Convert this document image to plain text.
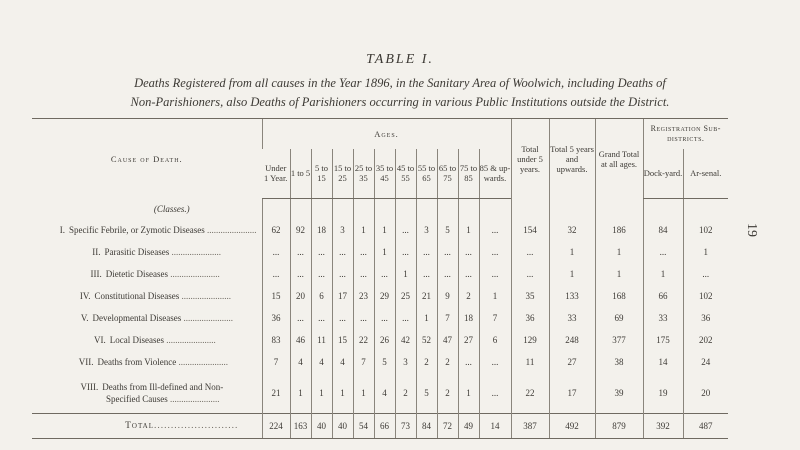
TABLE I.
Deaths Registered from all causes in the Year 1896, in the Sanitary Area of Woolwich, including Deaths of
Non-Parishioners, also Deaths of Parishioners occurring in various Public Institutions outside the District.
19
Cause of Death.	Ages.											Total under 5 years.	Total 5 years and upwards.	Grand Total at all ages.	Registration Sub-districts.	
	Under 1 Year.	1 to 5	5 to 15	15 to 25	25 to 35	35 to 45	45 to 55	55 to 65	65 to 75	75 to 85	85 & up-wards.				Dock-yard.	Ar-senal.
(Classes.)																
I. Specific Febrile, or Zymotic Diseases ......................	62	92	18	3	1	1	...	3	5	1	...	154	32	186	84	102
II. Parasitic Diseases ......................	...	...	...	...	...	1	...	...	...	...	...	...	1	1	...	1
III. Dietetic Diseases ......................	...	...	...	...	...	...	1	...	...	...	...	...	1	1	1	...
IV. Constitutional Diseases ......................	15	20	6	17	23	29	25	21	9	2	1	35	133	168	66	102
V. Developmental Diseases ......................	36	...	...	...	...	...	...	1	7	18	7	36	33	69	33	36
VI. Local Diseases ......................	83	46	11	15	22	26	42	52	47	27	6	129	248	377	175	202
VII. Deaths from Violence ......................	7	4	4	4	7	5	3	2	2	...	...	11	27	38	14	24
VIII. Deaths from Ill-defined and Non-
Specified Causes ......................	21	1	1	1	1	4	2	5	2	1	...	22	17	39	19	20
Total.........................	224	163	40	40	54	66	73	84	72	49	14	387	492	879	392	487
